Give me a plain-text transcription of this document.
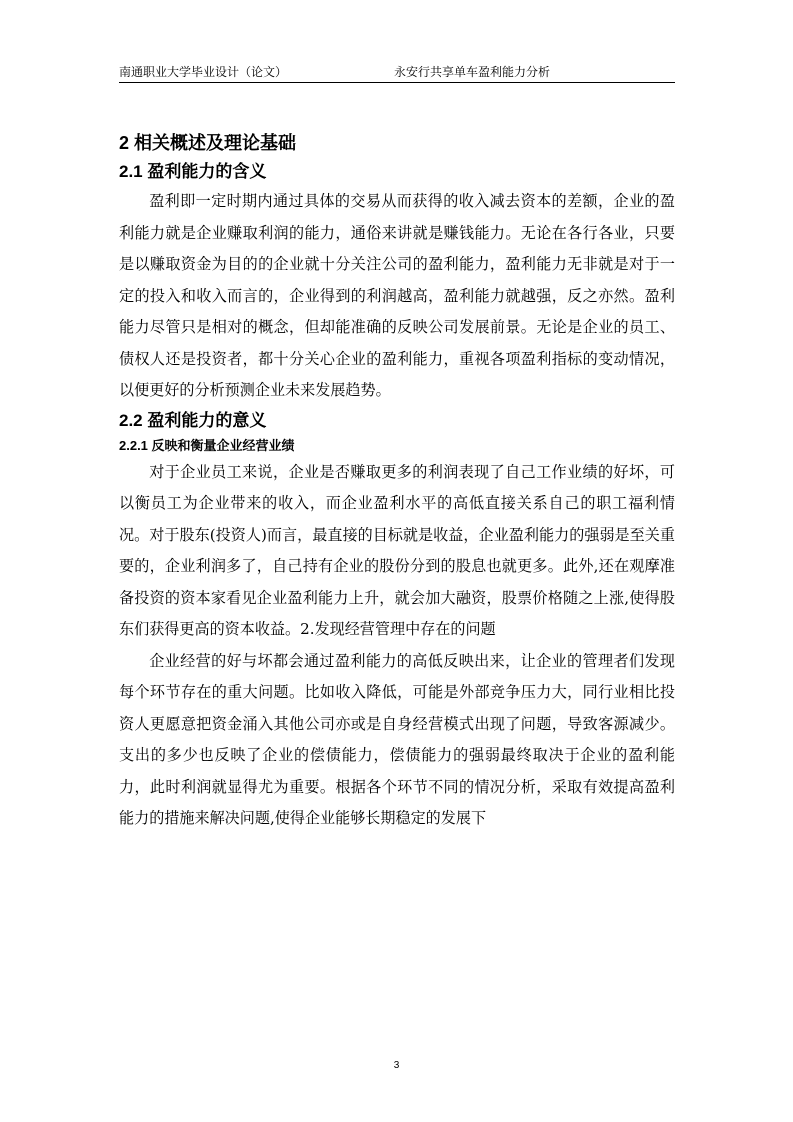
南通职业大学毕业设计（论文）	永安行共享单车盈利能力分析
2 相关概述及理论基础
2.1 盈利能力的含义

盈利即一定时期内通过具体的交易从而获得的收入减去资本的差额，企业的盈利能力就是企业赚取利润的能力，通俗来讲就是赚钱能力。无论在各行各业，只要是以赚取资金为目的的企业就十分关注公司的盈利能力，盈利能力无非就是对于一定的投入和收入而言的，企业得到的利润越高，盈利能力就越强，反之亦然。盈利能力尽管只是相对的概念，但却能准确的反映公司发展前景。无论是企业的员工、债权人还是投资者，都十分关心企业的盈利能力，重视各项盈利指标的变动情况，以便更好的分析预测企业未来发展趋势。

2.2 盈利能力的意义
2.2.1 反映和衡量企业经营业绩

对于企业员工来说，企业是否赚取更多的利润表现了自己工作业绩的好坏，可以衡员工为企业带来的收入，而企业盈利水平的高低直接关系自己的职工福利情况。对于股东(投资人)而言，最直接的目标就是收益，企业盈利能力的强弱是至关重要的，企业利润多了，自己持有企业的股份分到的股息也就更多。此外,还在观摩准备投资的资本家看见企业盈利能力上升，就会加大融资，股票价格随之上涨,使得股东们获得更高的资本收益。2.发现经营管理中存在的问题

企业经营的好与坏都会通过盈利能力的高低反映出来，让企业的管理者们发现每个环节存在的重大问题。比如收入降低，可能是外部竞争压力大，同行业相比投资人更愿意把资金涌入其他公司亦或是自身经营模式出现了问题，导致客源减少。支出的多少也反映了企业的偿债能力，偿债能力的强弱最终取决于企业的盈利能力，此时利润就显得尤为重要。根据各个环节不同的情况分析，采取有效提高盈利能力的措施来解决问题,使得企业能够长期稳定的发展下

3
